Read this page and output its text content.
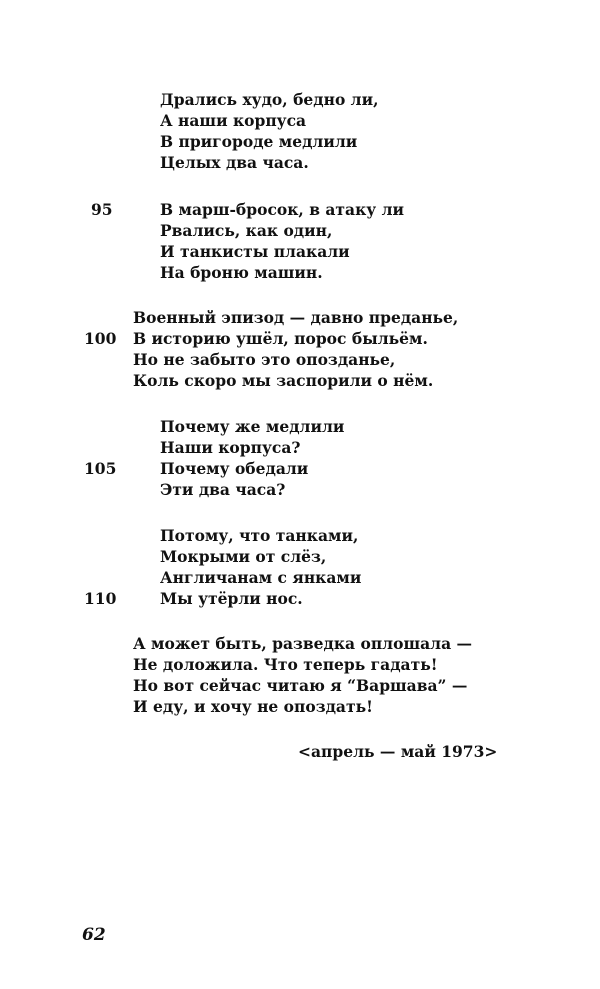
Дрались худо, бедно ли,
А наши корпуса
В пригороде медлили
Целых два часа.
95	В марш-бросок, в атаку ли
Рвались, как один,
И танкисты плакали
На броню машин.
Военный эпизод — давно преданье,
100 В историю ушёл, порос быльём.
Но не забыто это опозданье,
Коль скоро мы заспорили о нём.
Почему же медлили
Наши корпуса?
105	Почему обедали
Эти два часа?
Потому, что танками,
Мокрыми от слёз,
Англичанам с янками
110	Мы утёрли нос.
А может быть, разведка оплошала —
Не доложила. Что теперь гадать!
Но вот сейчас читаю я “Варшава” —
И еду, и хочу не опоздать!
<апрель — май 1973>
62
